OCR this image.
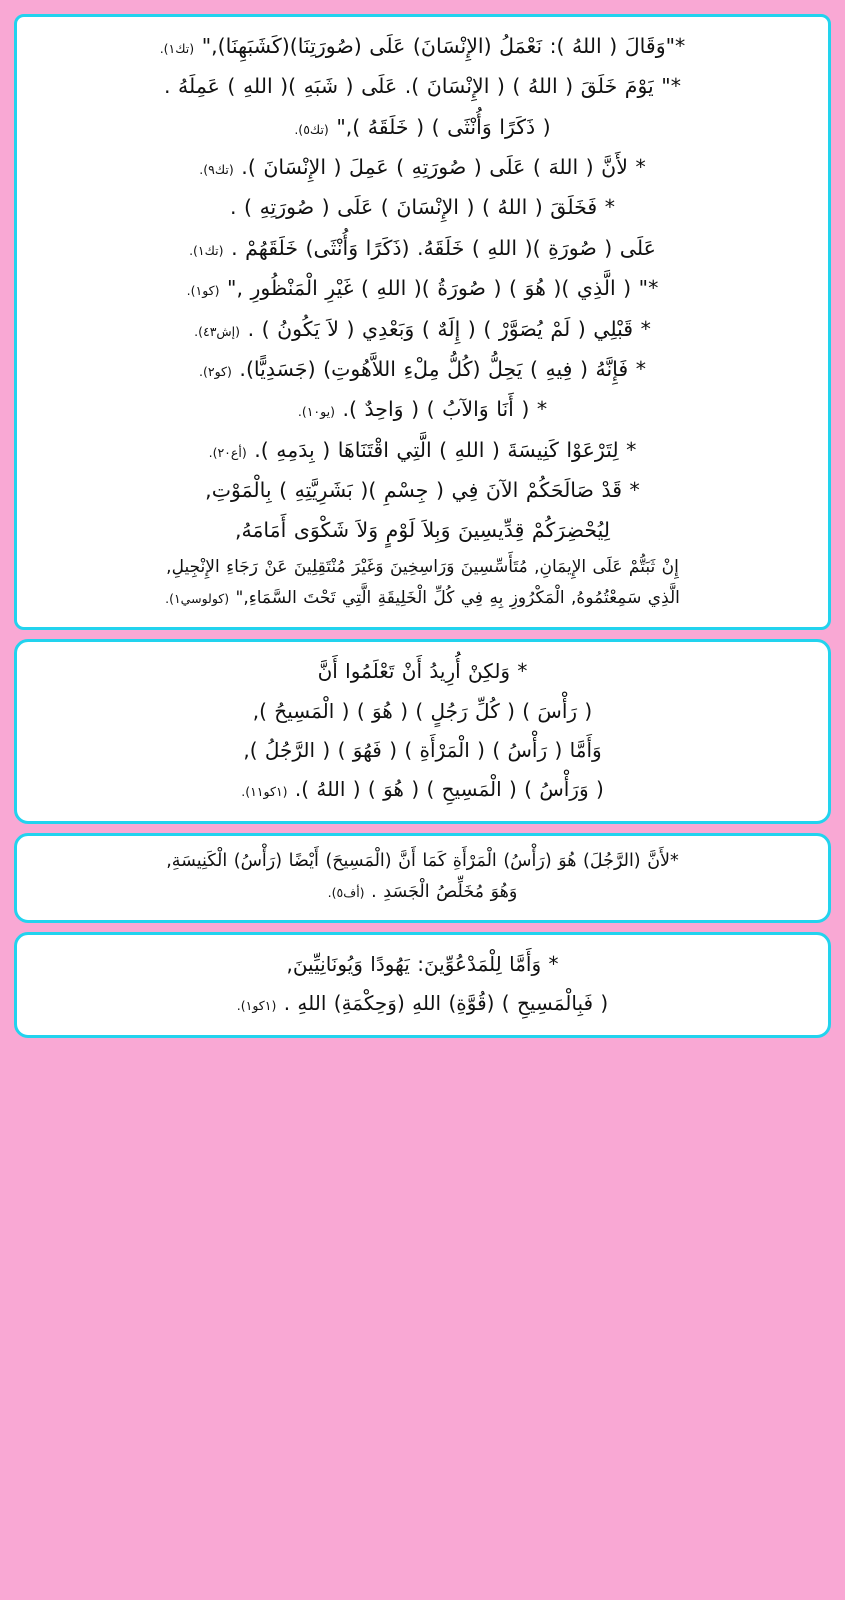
*"وَقَالَ ( اللهُ ): نَعْمَلُ (الإِنْسَانَ) عَلَى (صُورَتِنَا)(كَشَبَهِنَا)," (تك١).
*" يَوْمَ خَلَقَ ( اللهُ ) ( الإِنْسَانَ ). عَلَى ( شَبَهِ )( اللهِ ) عَمِلَهُ .
( ذَكَرًا وَأُنْثَى ) ( خَلَقَهُ )," (تك٥).
* لأَنَّ ( اللهَ ) عَلَى ( صُورَتِهِ ) عَمِلَ ( الإِنْسَانَ ). (تك٩).
* فَخَلَقَ ( اللهُ ) ( الإِنْسَانَ ) عَلَى ( صُورَتِهِ ) .
عَلَى ( صُورَةِ )( اللهِ ) خَلَقَهُ. (ذَكَرًا وَأُنْثَى) خَلَقَهُمْ . (تك١).
*" ( الَّذِي )( هُوَ ) ( صُورَةُ )( اللهِ ) غَيْرِ الْمَنْظُورِ ," (كو١).
* قَبْلِي ( لَمْ يُصَوَّرْ ) ( إِلَهٌ ) وَبَعْدِي ( لاَ يَكُونُ ) . (إش٤٣).
* فَإِنَّهُ ( فِيهِ ) يَحِلُّ (كُلُّ مِلْءِ اللاَّهُوتِ) (جَسَدِيًّا). (كو٢).
* ( أَنَا وَالآبُ ) ( وَاحِدٌ ). (يو١٠).
* لِتَرْعَوْا كَنِيسَةَ ( اللهِ ) الَّتِي اقْتَنَاهَا ( بِدَمِهِ ). (أع٢٠).
* قَدْ صَالَحَكُمْ الآنَ فِي ( جِسْمِ )( بَشَرِيَّتِهِ ) بِالْمَوْتِ,
لِيُحْضِرَكُمْ قِدِّيسِينَ وَبِلاَ لَوْمٍ وَلاَ شَكْوَى أَمَامَهُ,
إِنْ ثَبَتُّمْ عَلَى الإِيمَانِ, مُتَأَسِّسِينَ وَرَاسِخِينَ وَغَيْرَ مُنْتَقِلِينَ عَنْ رَجَاءِ الإِنْجِيلِ,
الَّذِي سَمِعْتُمُوهُ, الْمَكْرُوزِ بِهِ فِي كُلِّ الْخَلِيقَةِ الَّتِي تَحْتَ السَّمَاءِ," (كولوسي١).
* وَلكِنْ أُرِيدُ أَنْ تَعْلَمُوا أَنَّ
( رَأْسَ ) ( كُلِّ رَجُلٍ ) ( هُوَ ) ( الْمَسِيحُ ),
وَأَمَّا ( رَأْسُ ) ( الْمَرْأَةِ ) ( فَهُوَ ) ( الرَّجُلُ ),
( وَرَأْسُ ) ( الْمَسِيحِ ) ( هُوَ ) ( اللهُ ). (١كو١١).
*لأَنَّ (الرَّجُلَ) هُوَ (رَأْسُ) الْمَرْأَةِ كَمَا أَنَّ (الْمَسِيحَ) أَيْضًا (رَأْسُ) الْكَنِيسَةِ,
وَهُوَ مُخَلِّصُ الْجَسَدِ . (أف٥).
* وَأَمَّا لِلْمَدْعُوِّينَ: يَهُودًا وَيُونَانِيِّينَ,
( فَبِالْمَسِيحِ ) (قُوَّةِ) اللهِ (وَحِكْمَةِ) اللهِ . (١كو١).
